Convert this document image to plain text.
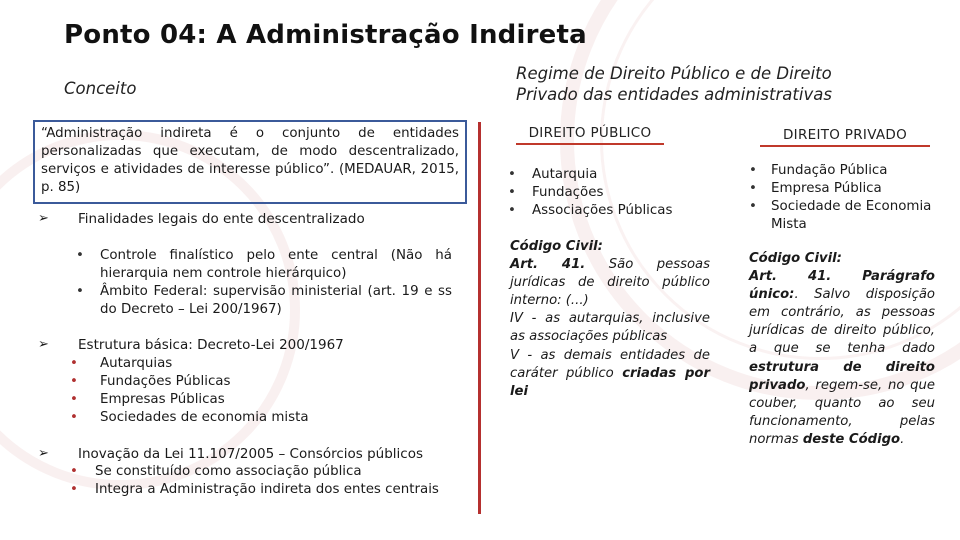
Ponto 04: A Administração Indireta
Conceito
“Administração indireta é o conjunto de entidades personalizadas que executam, de modo descentralizado, serviços e atividades de interesse público”. (MEDAUAR, 2015, p. 85)
➢ Finalidades legais do ente descentralizado
• Controle finalístico pelo ente central (Não há hierarquia nem controle hierárquico)
• Âmbito Federal: supervisão ministerial (art. 19 e ss do Decreto – Lei 200/1967)
➢ Estrutura básica: Decreto-Lei 200/1967
• Autarquias
• Fundações Públicas
• Empresas Públicas
• Sociedades de economia mista
➢ Inovação da Lei 11.107/2005 – Consórcios públicos
• Se constituído como associação pública
• Integra a Administração indireta dos entes centrais
Regime de Direito Público e de Direito Privado das entidades administrativas
DIREITO PÚBLICO	DIREITO PRIVADO
• Autarquia
• Fundações
• Associações Públicas
• Fundação Pública
• Empresa Pública
• Sociedade de Economia Mista
Código Civil:
Art. 41. São pessoas jurídicas de direito público interno: (...)
IV - as autarquias, inclusive as associações públicas
V - as demais entidades de caráter público criadas por lei
Código Civil:
Art. 41. Parágrafo único:. Salvo disposição em contrário, as pessoas jurídicas de direito público, a que se tenha dado estrutura de direito privado, regem-se, no que couber, quanto ao seu funcionamento, pelas normas deste Código.
